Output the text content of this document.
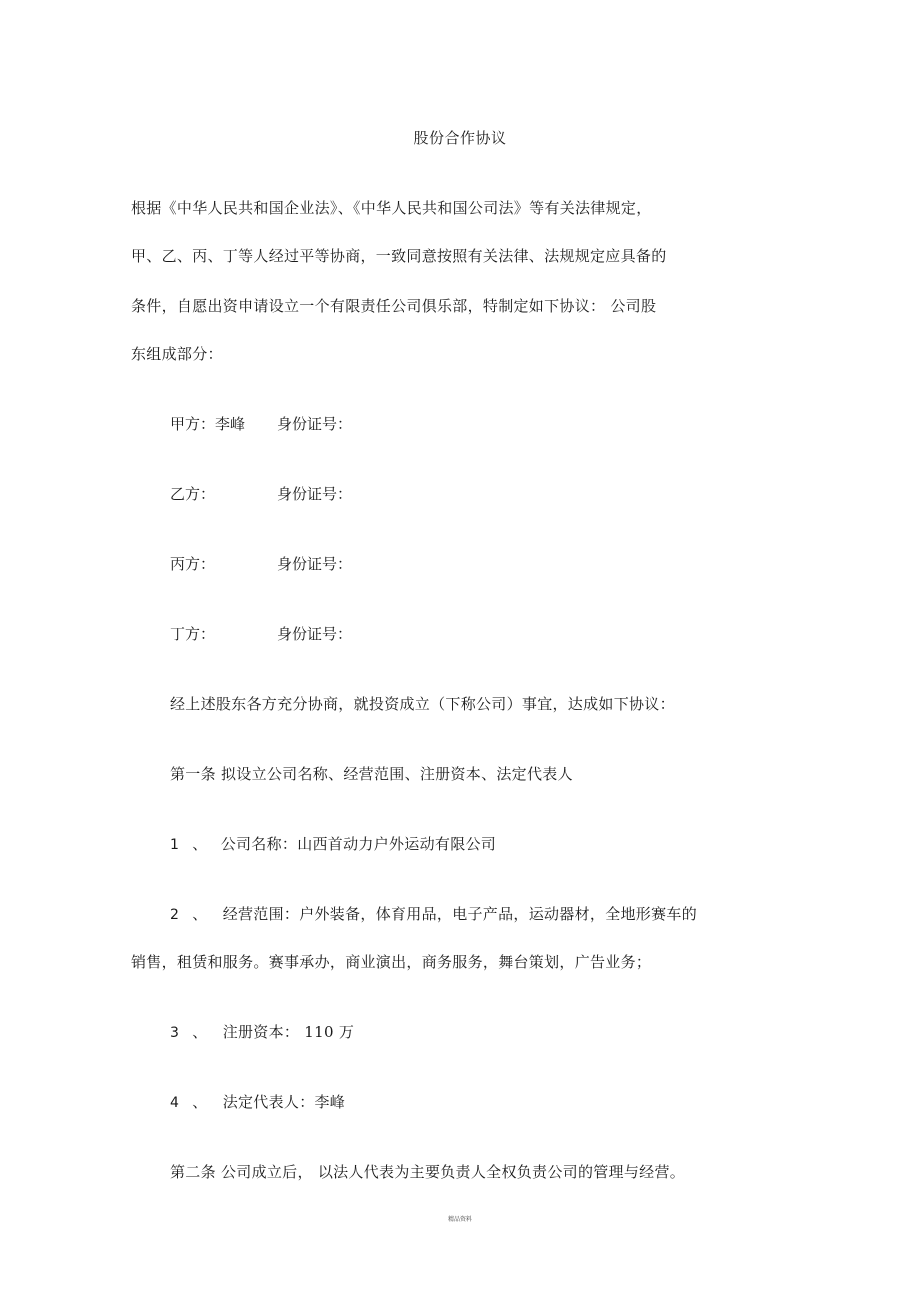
股份合作协议
根据《中华人民共和国企业法》、《中华人民共和国公司法》等有关法律规定，
甲、乙、丙、丁等人经过平等协商，一致同意按照有关法律、法规规定应具备的
条件，自愿出资申请设立一个有限责任公司俱乐部，特制定如下协议： 公司股
东组成部分：
甲方：李峰 身份证号：
乙方：	身份证号：
丙方：	身份证号：
丁方：	身份证号：
经上述股东各方充分协商，就投资成立（下称公司）事宜，达成如下协议：
第一条 拟设立公司名称、经营范围、注册资本、法定代表人
1 、 公司名称：山西首动力户外运动有限公司
2 、 经营范围：户外装备，体育用品，电子产品，运动器材，全地形赛车的
销售，租赁和服务。赛事承办，商业演出，商务服务，舞台策划，广告业务；
3 、 注册资本： 110 万
4 、 法定代表人：李峰
第二条 公司成立后， 以法人代表为主要负责人全权负责公司的管理与经营。
精品资料
